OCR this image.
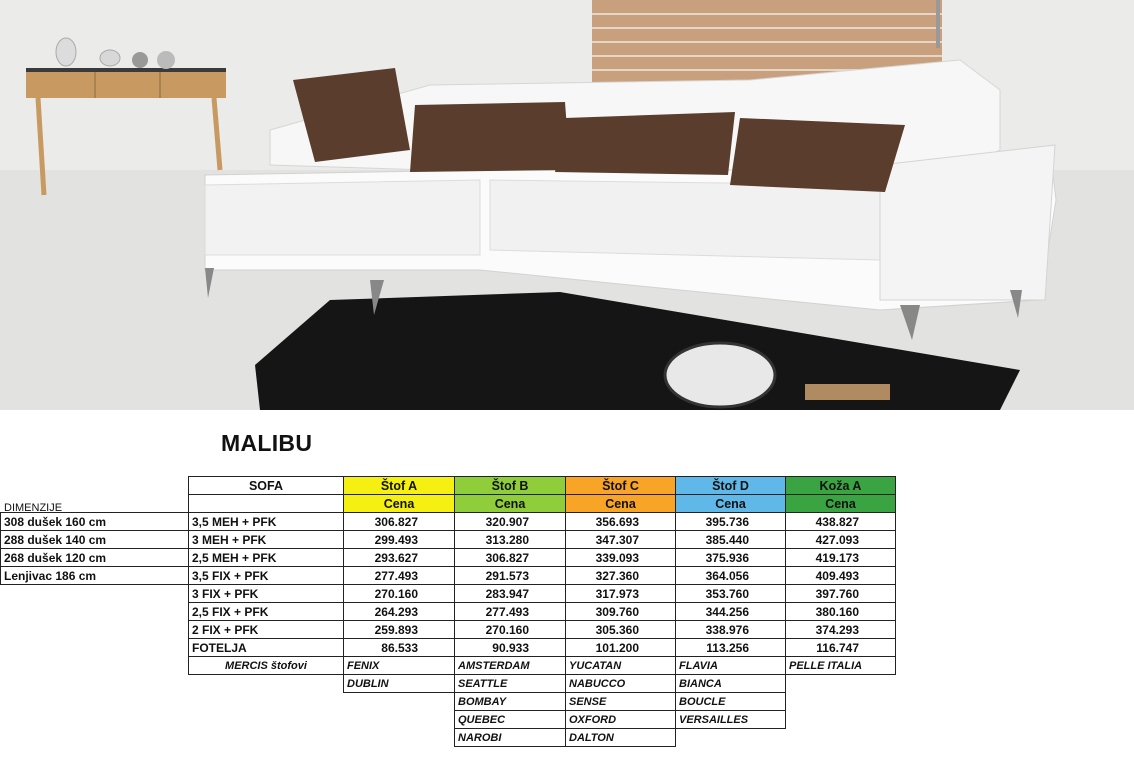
MALIBU
DIMENZIJE
	SOFA	Štof A	Štof B	Štof C	Štof D	Koža A
		Cena	Cena	Cena	Cena	Cena
308 dušek 160 cm	3,5 MEH + PFK	306.827	320.907	356.693	395.736	438.827
288 dušek 140 cm	3 MEH + PFK	299.493	313.280	347.307	385.440	427.093
268 dušek 120 cm	2,5 MEH + PFK	293.627	306.827	339.093	375.936	419.173
Lenjivac 186 cm	3,5 FIX + PFK	277.493	291.573	327.360	364.056	409.493
	3 FIX + PFK	270.160	283.947	317.973	353.760	397.760
	2,5 FIX + PFK	264.293	277.493	309.760	344.256	380.160
	2 FIX + PFK	259.893	270.160	305.360	338.976	374.293
	FOTELJA	86.533	90.933	101.200	113.256	116.747
	MERCIS štofovi	FENIX	AMSTERDAM	YUCATAN	FLAVIA	PELLE ITALIA
		DUBLIN	SEATTLE	NABUCCO	BIANCA	
			BOMBAY	SENSE	BOUCLE	
			QUEBEC	OXFORD	VERSAILLES	
			NAROBI	DALTON		
